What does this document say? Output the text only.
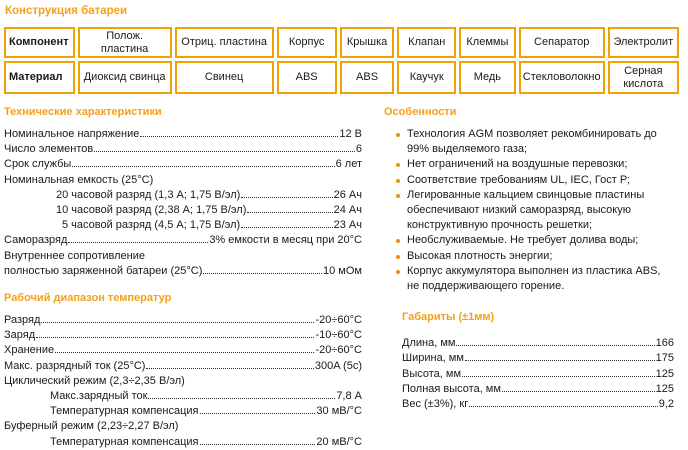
Конструкция батареи
Компонент	Полож. пластина	Отриц. пластина	Корпус	Крышка	Клапан	Клеммы	Сепаратор	Электролит
Материал	Диоксид свинца	Свинец	ABS	ABS	Каучук	Медь	Стекловолокно	Серная кислота
Технические характеристики
Номинальное напряжение	12 В
Число элементов	6
Срок службы	6 лет
Номинальная емкость (25°C)
20 часовой разряд (1,3 А; 1,75 В/эл)	26 Ач
10 часовой разряд (2,38 А; 1,75 В/эл)	24 Ач
5 часовой разряд (4,5 А; 1,75 В/эл)	23 Ач
Саморазряд	3% емкости в месяц при 20°C
Внутреннее сопротивление
полностью заряженной батареи (25°C)	10 мОм
Рабочий диапазон температур
Разряд	-20÷60°C
Заряд	-10÷60°C
Хранение	-20÷60°C
Макс. разрядный ток (25°C)	300A (5с)
Циклический режим (2,3÷2,35 В/эл)
Макс.зарядный ток	7,8 А
Температурная компенсация	30 мВ/°C
Буферный режим (2,23÷2,27 В/эл)
Температурная компенсация	20 мВ/°C
Особенности
Технология AGM позволяет рекомбинировать до 99% выделяемого газа;
Нет ограничений на воздушные перевозки;
Соответствие требованиям UL, IEC, Гост Р;
Легированные кальцием свинцовые пластины обеспечивают низкий саморазряд, высокую конструктивную прочность решетки;
Необслуживаемые. Не требует долива воды;
Высокая плотность энергии;
Корпус аккумулятора выполнен из пластика ABS, не поддерживающего горение.
Габариты (±1мм)
Длина, мм	166
Ширина, мм	175
Высота, мм	125
Полная высота, мм	125
Вес (±3%), кг	9,2
